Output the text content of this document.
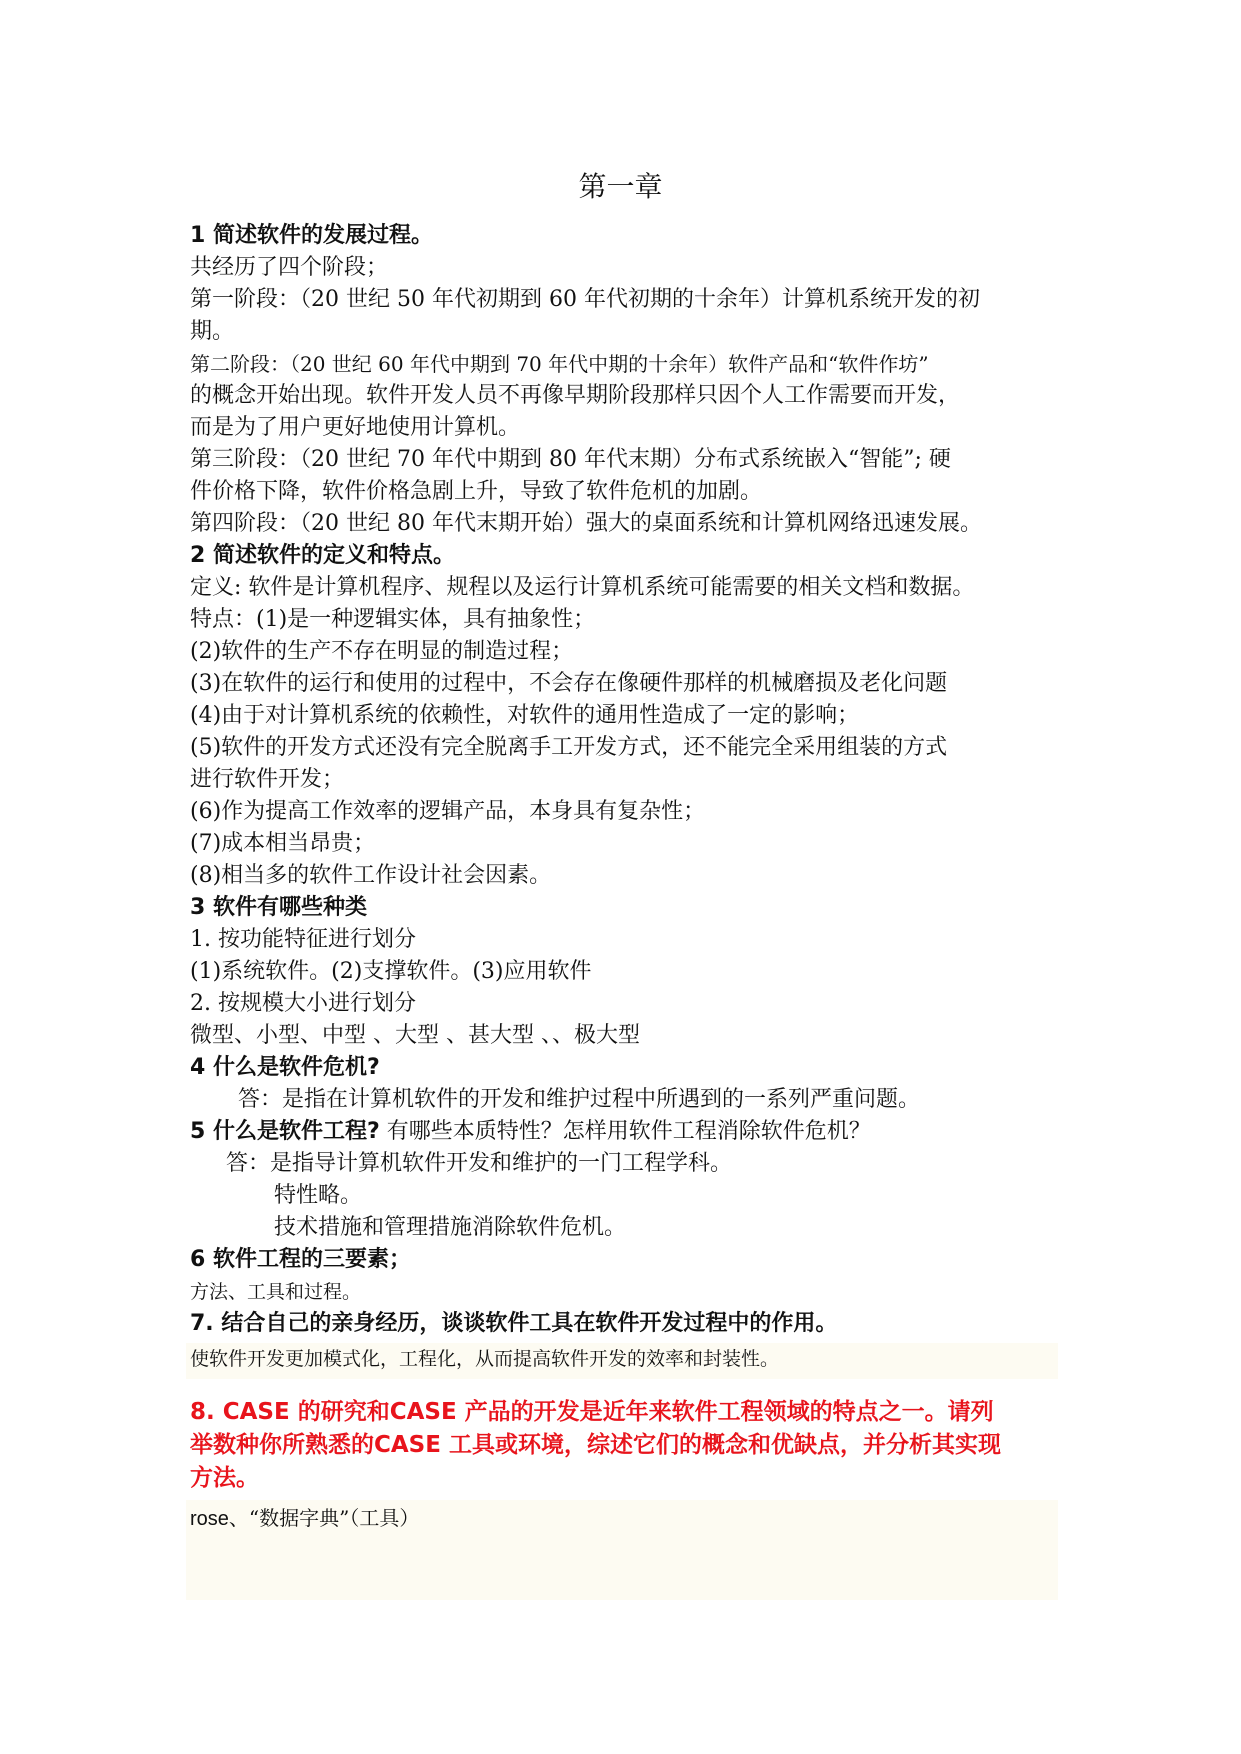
第一章
1 简述软件的发展过程。
共经历了四个阶段；
第一阶段：（20 世纪 50 年代初期到 60 年代初期的十余年）计算机系统开发的初
期。
第二阶段：（20 世纪 60 年代中期到 70 年代中期的十余年）软件产品和“软件作坊”
的概念开始出现。软件开发人员不再像早期阶段那样只因个人工作需要而开发，
而是为了用户更好地使用计算机。
第三阶段：（20 世纪 70 年代中期到 80 年代末期）分布式系统嵌入“智能”; 硬
件价格下降，软件价格急剧上升，导致了软件危机的加剧。
第四阶段：（20 世纪 80 年代末期开始）强大的桌面系统和计算机网络迅速发展。
2 简述软件的定义和特点。
定义: 软件是计算机程序、规程以及运行计算机系统可能需要的相关文档和数据。
特点：(1)是一种逻辑实体，具有抽象性；
(2)软件的生产不存在明显的制造过程；
(3)在软件的运行和使用的过程中，不会存在像硬件那样的机械磨损及老化问题
(4)由于对计算机系统的依赖性，对软件的通用性造成了一定的影响；
(5)软件的开发方式还没有完全脱离手工开发方式，还不能完全采用组装的方式
进行软件开发；
(6)作为提高工作效率的逻辑产品，本身具有复杂性；
(7)成本相当昂贵；
(8)相当多的软件工作设计社会因素。
3 软件有哪些种类
1. 按功能特征进行划分
(1)系统软件。(2)支撑软件。(3)应用软件
2. 按规模大小进行划分
微型、小型、中型 、大型 、甚大型 、、极大型
4 什么是软件危机?
答：是指在计算机软件的开发和维护过程中所遇到的一系列严重问题。
5 什么是软件工程? 有哪些本质特性？怎样用软件工程消除软件危机？
答：是指导计算机软件开发和维护的一门工程学科。
特性略。
技术措施和管理措施消除软件危机。
6 软件工程的三要素；
方法、工具和过程。
7. 结合自己的亲身经历，谈谈软件工具在软件开发过程中的作用。
使软件开发更加模式化，工程化，从而提高软件开发的效率和封装性。
8. CASE 的研究和CASE 产品的开发是近年来软件工程领域的特点之一。请列
举数种你所熟悉的CASE 工具或环境，综述它们的概念和优缺点，并分析其实现
方法。
rose、“数据字典”（工具）
